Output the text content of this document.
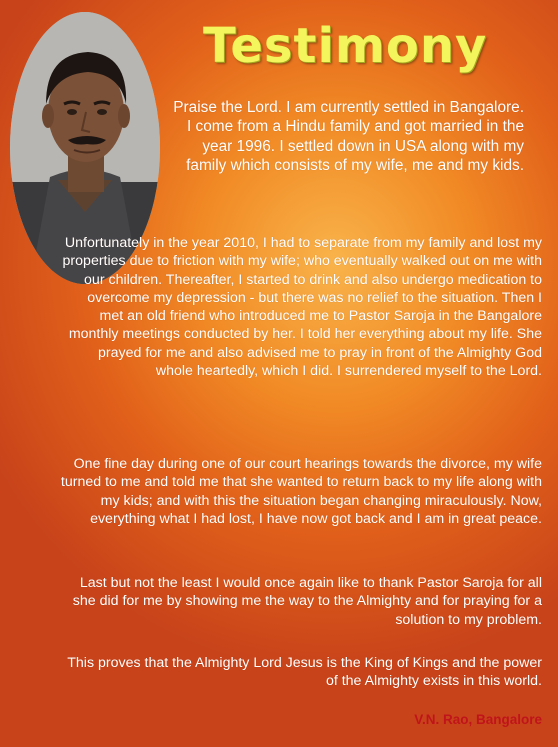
Testimony

Praise the Lord. I am currently settled in Bangalore. I come from a Hindu family and got married in the year 1996. I settled down in USA along with my family which consists of my wife, me and my kids.

Unfortunately in the year 2010, I had to separate from my family and lost my properties due to friction with my wife; who eventually walked out on me with our children. Thereafter, I started to drink and also undergo medication to overcome my depression - but there was no relief to the situation. Then I met an old friend who introduced me to Pastor Saroja in the Bangalore monthly meetings conducted by her. I told her everything about my life. She prayed for me and also advised me to pray in front of the Almighty God whole heartedly, which I did. I surrendered myself to the Lord.

One fine day during one of our court hearings towards the divorce, my wife turned to me and told me that she wanted to return back to my life along with my kids; and with this the situation began changing miraculously. Now, everything what I had lost, I have now got back and I am in great peace.

Last but not the least I would once again like to thank Pastor Saroja for all she did for me by showing me the way to the Almighty and for praying for a solution to my problem.

This proves that the Almighty Lord Jesus is the King of Kings and the power of the Almighty exists in this world.

V.N. Rao, Bangalore
